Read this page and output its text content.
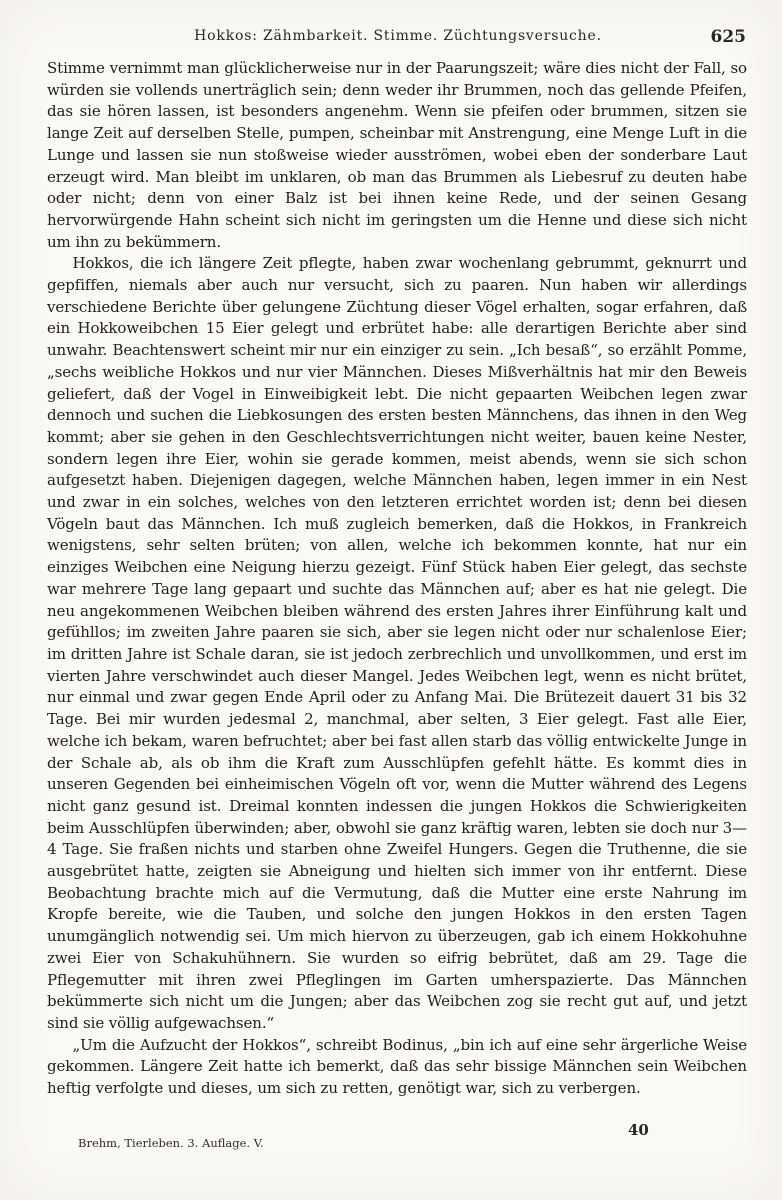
Hokkos: Zähmbarkeit. Stimme. Züchtungsversuche.	625

Stimme vernimmt man glücklicherweise nur in der Paarungszeit; wäre dies nicht der Fall, so würden sie vollends unerträglich sein; denn weder ihr Brummen, noch das gellende Pfeifen, das sie hören lassen, ist besonders angenehm. Wenn sie pfeifen oder brummen, sitzen sie lange Zeit auf derselben Stelle, pumpen, scheinbar mit Anstrengung, eine Menge Luft in die Lunge und lassen sie nun stoßweise wieder ausströmen, wobei eben der sonderbare Laut erzeugt wird. Man bleibt im unklaren, ob man das Brummen als Liebesruf zu deuten habe oder nicht; denn von einer Balz ist bei ihnen keine Rede, und der seinen Gesang hervorwürgende Hahn scheint sich nicht im geringsten um die Henne und diese sich nicht um ihn zu bekümmern.

Hokkos, die ich längere Zeit pflegte, haben zwar wochenlang gebrummt, geknurrt und gepfiffen, niemals aber auch nur versucht, sich zu paaren. Nun haben wir allerdings verschiedene Berichte über gelungene Züchtung dieser Vögel erhalten, sogar erfahren, daß ein Hokkoweibchen 15 Eier gelegt und erbrütet habe: alle derartigen Berichte aber sind unwahr. Beachtenswert scheint mir nur ein einziger zu sein. „Ich besaß“, so erzählt Pomme, „sechs weibliche Hokkos und nur vier Männchen. Dieses Mißverhältnis hat mir den Beweis geliefert, daß der Vogel in Einweibigkeit lebt. Die nicht gepaarten Weibchen legen zwar dennoch und suchen die Liebkosungen des ersten besten Männchens, das ihnen in den Weg kommt; aber sie gehen in den Geschlechtsverrichtungen nicht weiter, bauen keine Nester, sondern legen ihre Eier, wohin sie gerade kommen, meist abends, wenn sie sich schon aufgesetzt haben. Diejenigen dagegen, welche Männchen haben, legen immer in ein Nest und zwar in ein solches, welches von den letzteren errichtet worden ist; denn bei diesen Vögeln baut das Männchen. Ich muß zugleich bemerken, daß die Hokkos, in Frankreich wenigstens, sehr selten brüten; von allen, welche ich bekommen konnte, hat nur ein einziges Weibchen eine Neigung hierzu gezeigt. Fünf Stück haben Eier gelegt, das sechste war mehrere Tage lang gepaart und suchte das Männchen auf; aber es hat nie gelegt. Die neu angekommenen Weibchen bleiben während des ersten Jahres ihrer Einführung kalt und gefühllos; im zweiten Jahre paaren sie sich, aber sie legen nicht oder nur schalenlose Eier; im dritten Jahre ist Schale daran, sie ist jedoch zerbrechlich und unvollkommen, und erst im vierten Jahre verschwindet auch dieser Mangel. Jedes Weibchen legt, wenn es nicht brütet, nur einmal und zwar gegen Ende April oder zu Anfang Mai. Die Brütezeit dauert 31 bis 32 Tage. Bei mir wurden jedesmal 2, manchmal, aber selten, 3 Eier gelegt. Fast alle Eier, welche ich bekam, waren befruchtet; aber bei fast allen starb das völlig entwickelte Junge in der Schale ab, als ob ihm die Kraft zum Ausschlüpfen gefehlt hätte. Es kommt dies in unseren Gegenden bei einheimischen Vögeln oft vor, wenn die Mutter während des Legens nicht ganz gesund ist. Dreimal konnten indessen die jungen Hokkos die Schwierigkeiten beim Ausschlüpfen überwinden; aber, obwohl sie ganz kräftig waren, lebten sie doch nur 3—4 Tage. Sie fraßen nichts und starben ohne Zweifel Hungers. Gegen die Truthenne, die sie ausgebrütet hatte, zeigten sie Abneigung und hielten sich immer von ihr entfernt. Diese Beobachtung brachte mich auf die Vermutung, daß die Mutter eine erste Nahrung im Kropfe bereite, wie die Tauben, und solche den jungen Hokkos in den ersten Tagen unumgänglich notwendig sei. Um mich hiervon zu überzeugen, gab ich einem Hokkohuhne zwei Eier von Schakuhühnern. Sie wurden so eifrig bebrütet, daß am 29. Tage die Pflegemutter mit ihren zwei Pfleglingen im Garten umherspazierte. Das Männchen bekümmerte sich nicht um die Jungen; aber das Weibchen zog sie recht gut auf, und jetzt sind sie völlig aufgewachsen.“

„Um die Aufzucht der Hokkos“, schreibt Bodinus, „bin ich auf eine sehr ärgerliche Weise gekommen. Längere Zeit hatte ich bemerkt, daß das sehr bissige Männchen sein Weibchen heftig verfolgte und dieses, um sich zu retten, genötigt war, sich zu verbergen.

40
Brehm, Tierleben. 3. Auflage. V.
